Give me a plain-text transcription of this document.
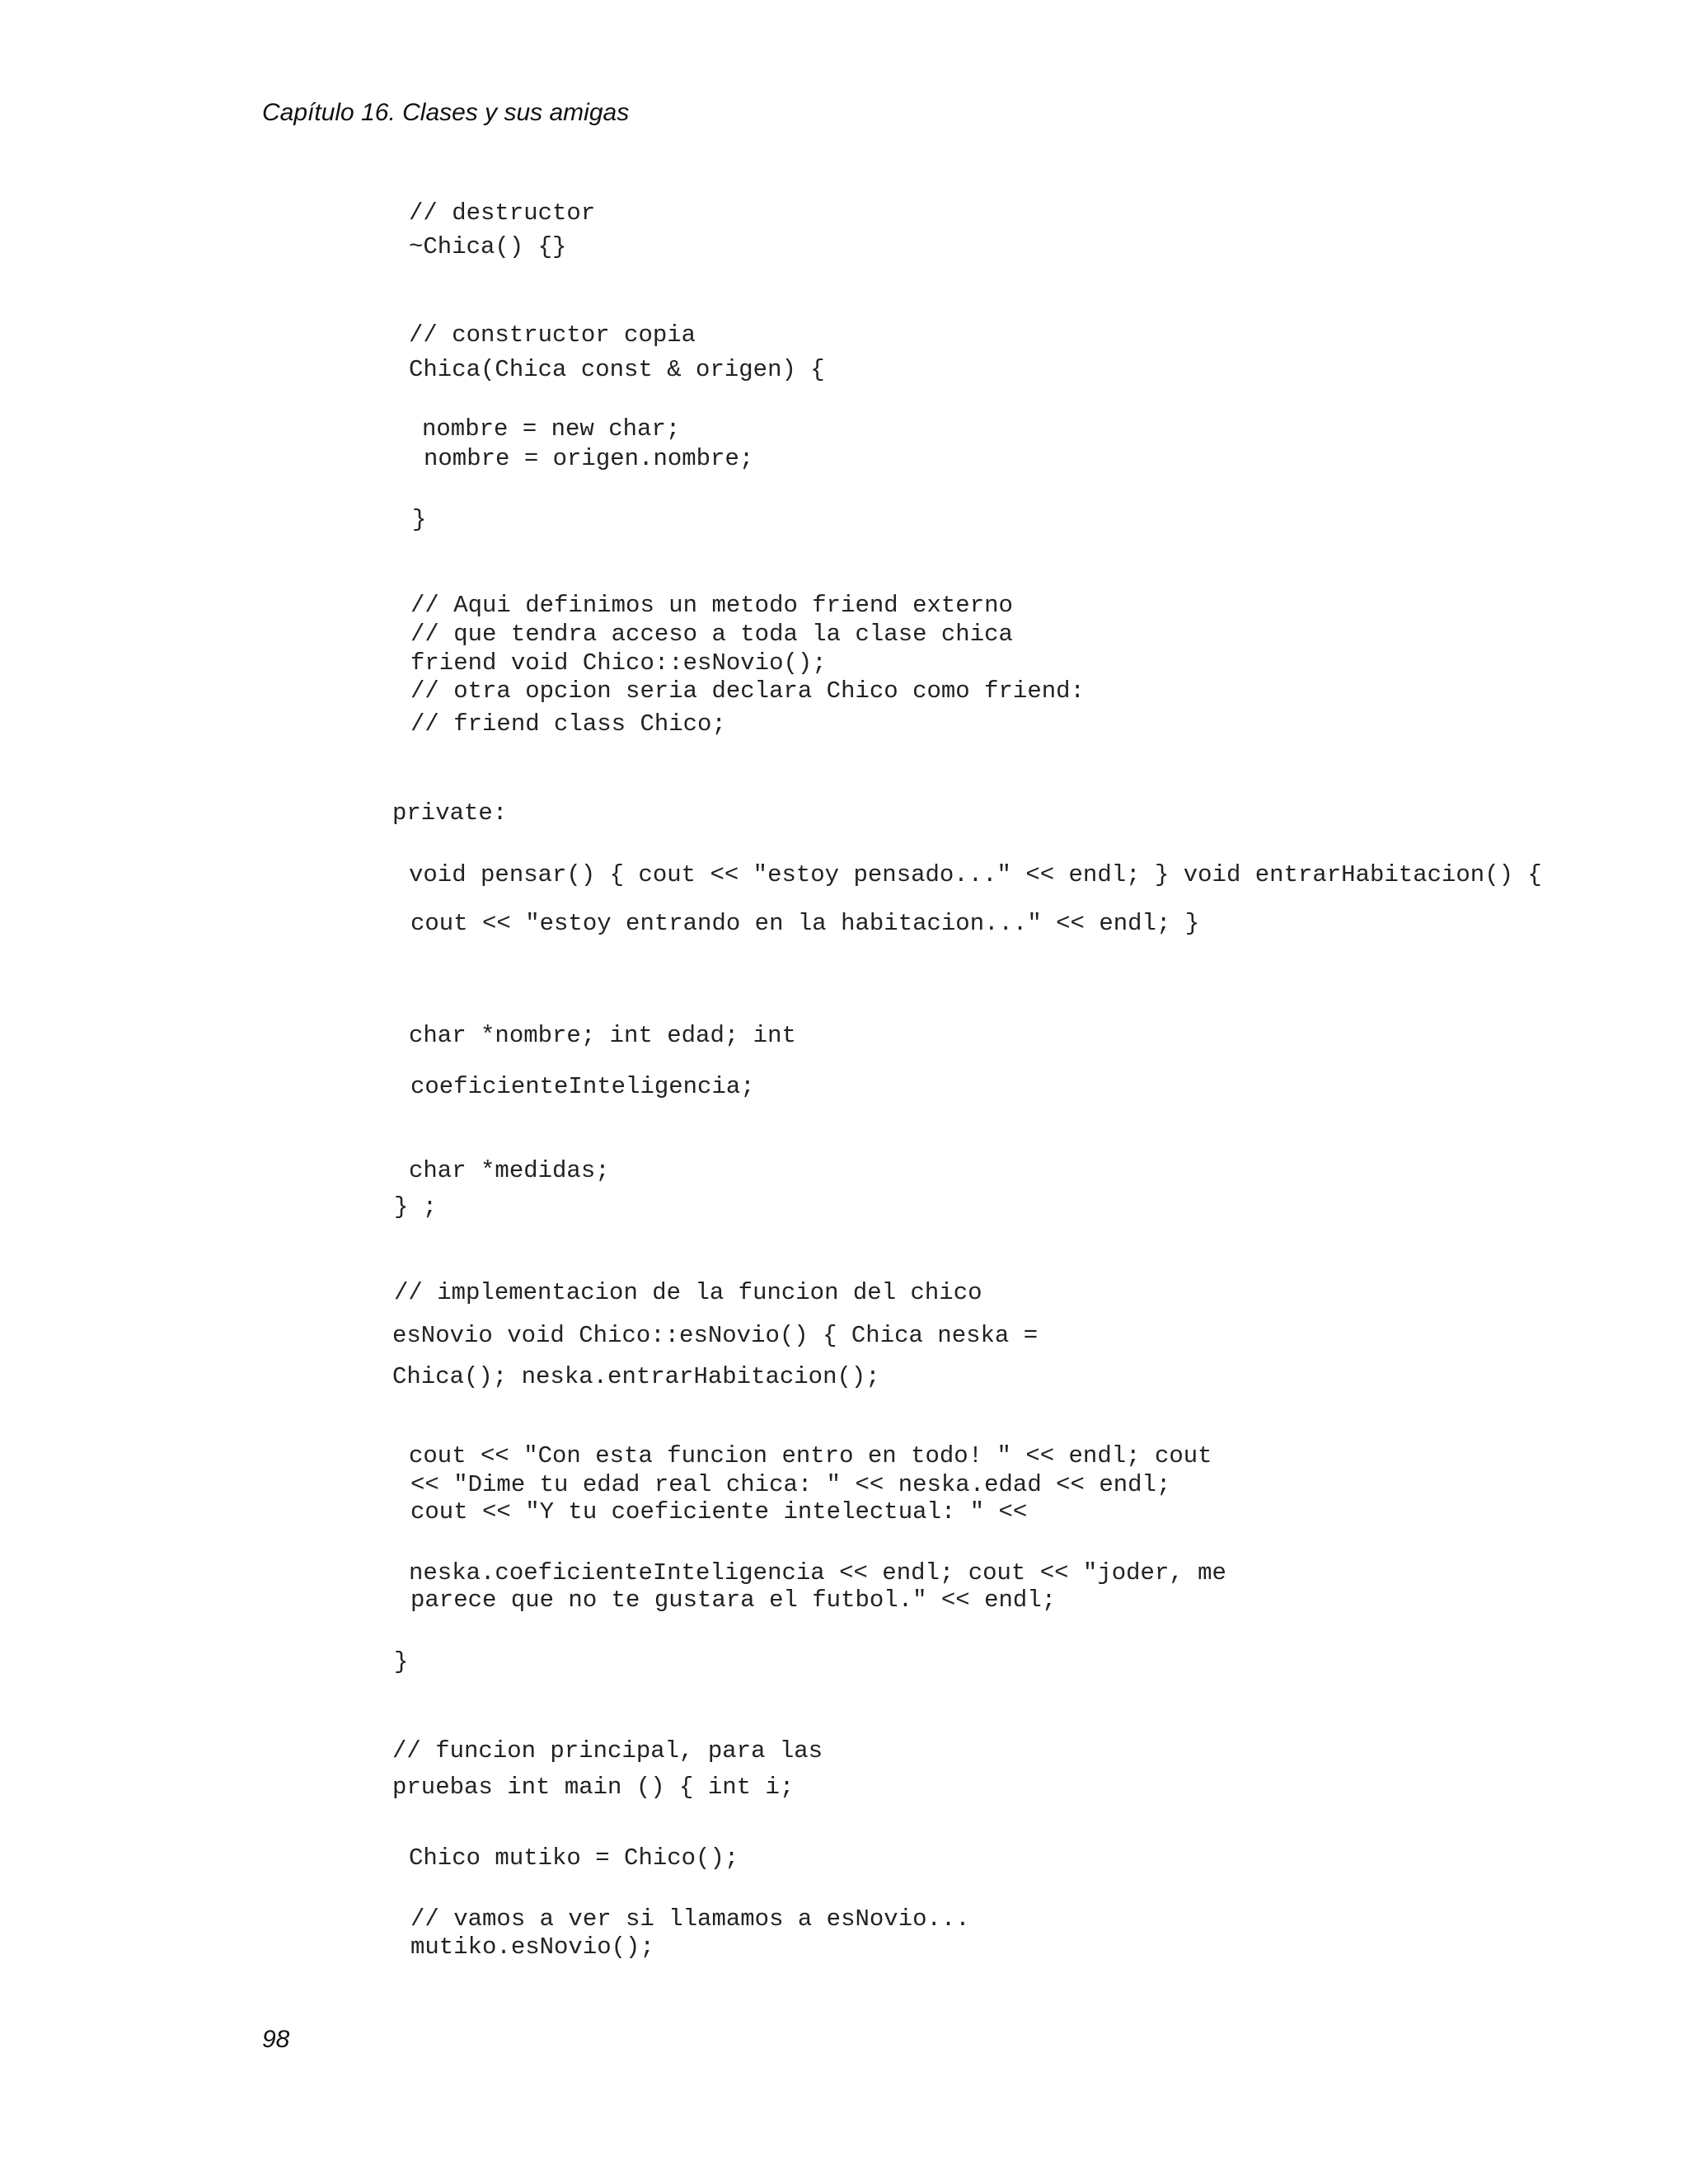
Capítulo 16. Clases y sus amigas
// destructor
~Chica() {}
// constructor copia
Chica(Chica const & origen) {
nombre = new char;
nombre = origen.nombre;
}
// Aqui definimos un metodo friend externo
// que tendra acceso a toda la clase chica
friend void Chico::esNovio();
// otra opcion seria declara Chico como friend:
// friend class Chico;
private:
void pensar() { cout << "estoy pensado..." << endl; } void entrarHabitacion() {
cout << "estoy entrando en la habitacion..." << endl; }
char *nombre; int edad; int
coeficienteInteligencia;
char *medidas;
} ;
// implementacion de la funcion del chico
esNovio void Chico::esNovio() { Chica neska =
Chica(); neska.entrarHabitacion();
cout << "Con esta funcion entro en todo! " << endl; cout
<< "Dime tu edad real chica: " << neska.edad << endl;
cout << "Y tu coeficiente intelectual: " <<
neska.coeficienteInteligencia << endl; cout << "joder, me
parece que no te gustara el futbol." << endl;
}
// funcion principal, para las
pruebas int main () { int i;
Chico mutiko = Chico();
// vamos a ver si llamamos a esNovio...
mutiko.esNovio();
98
